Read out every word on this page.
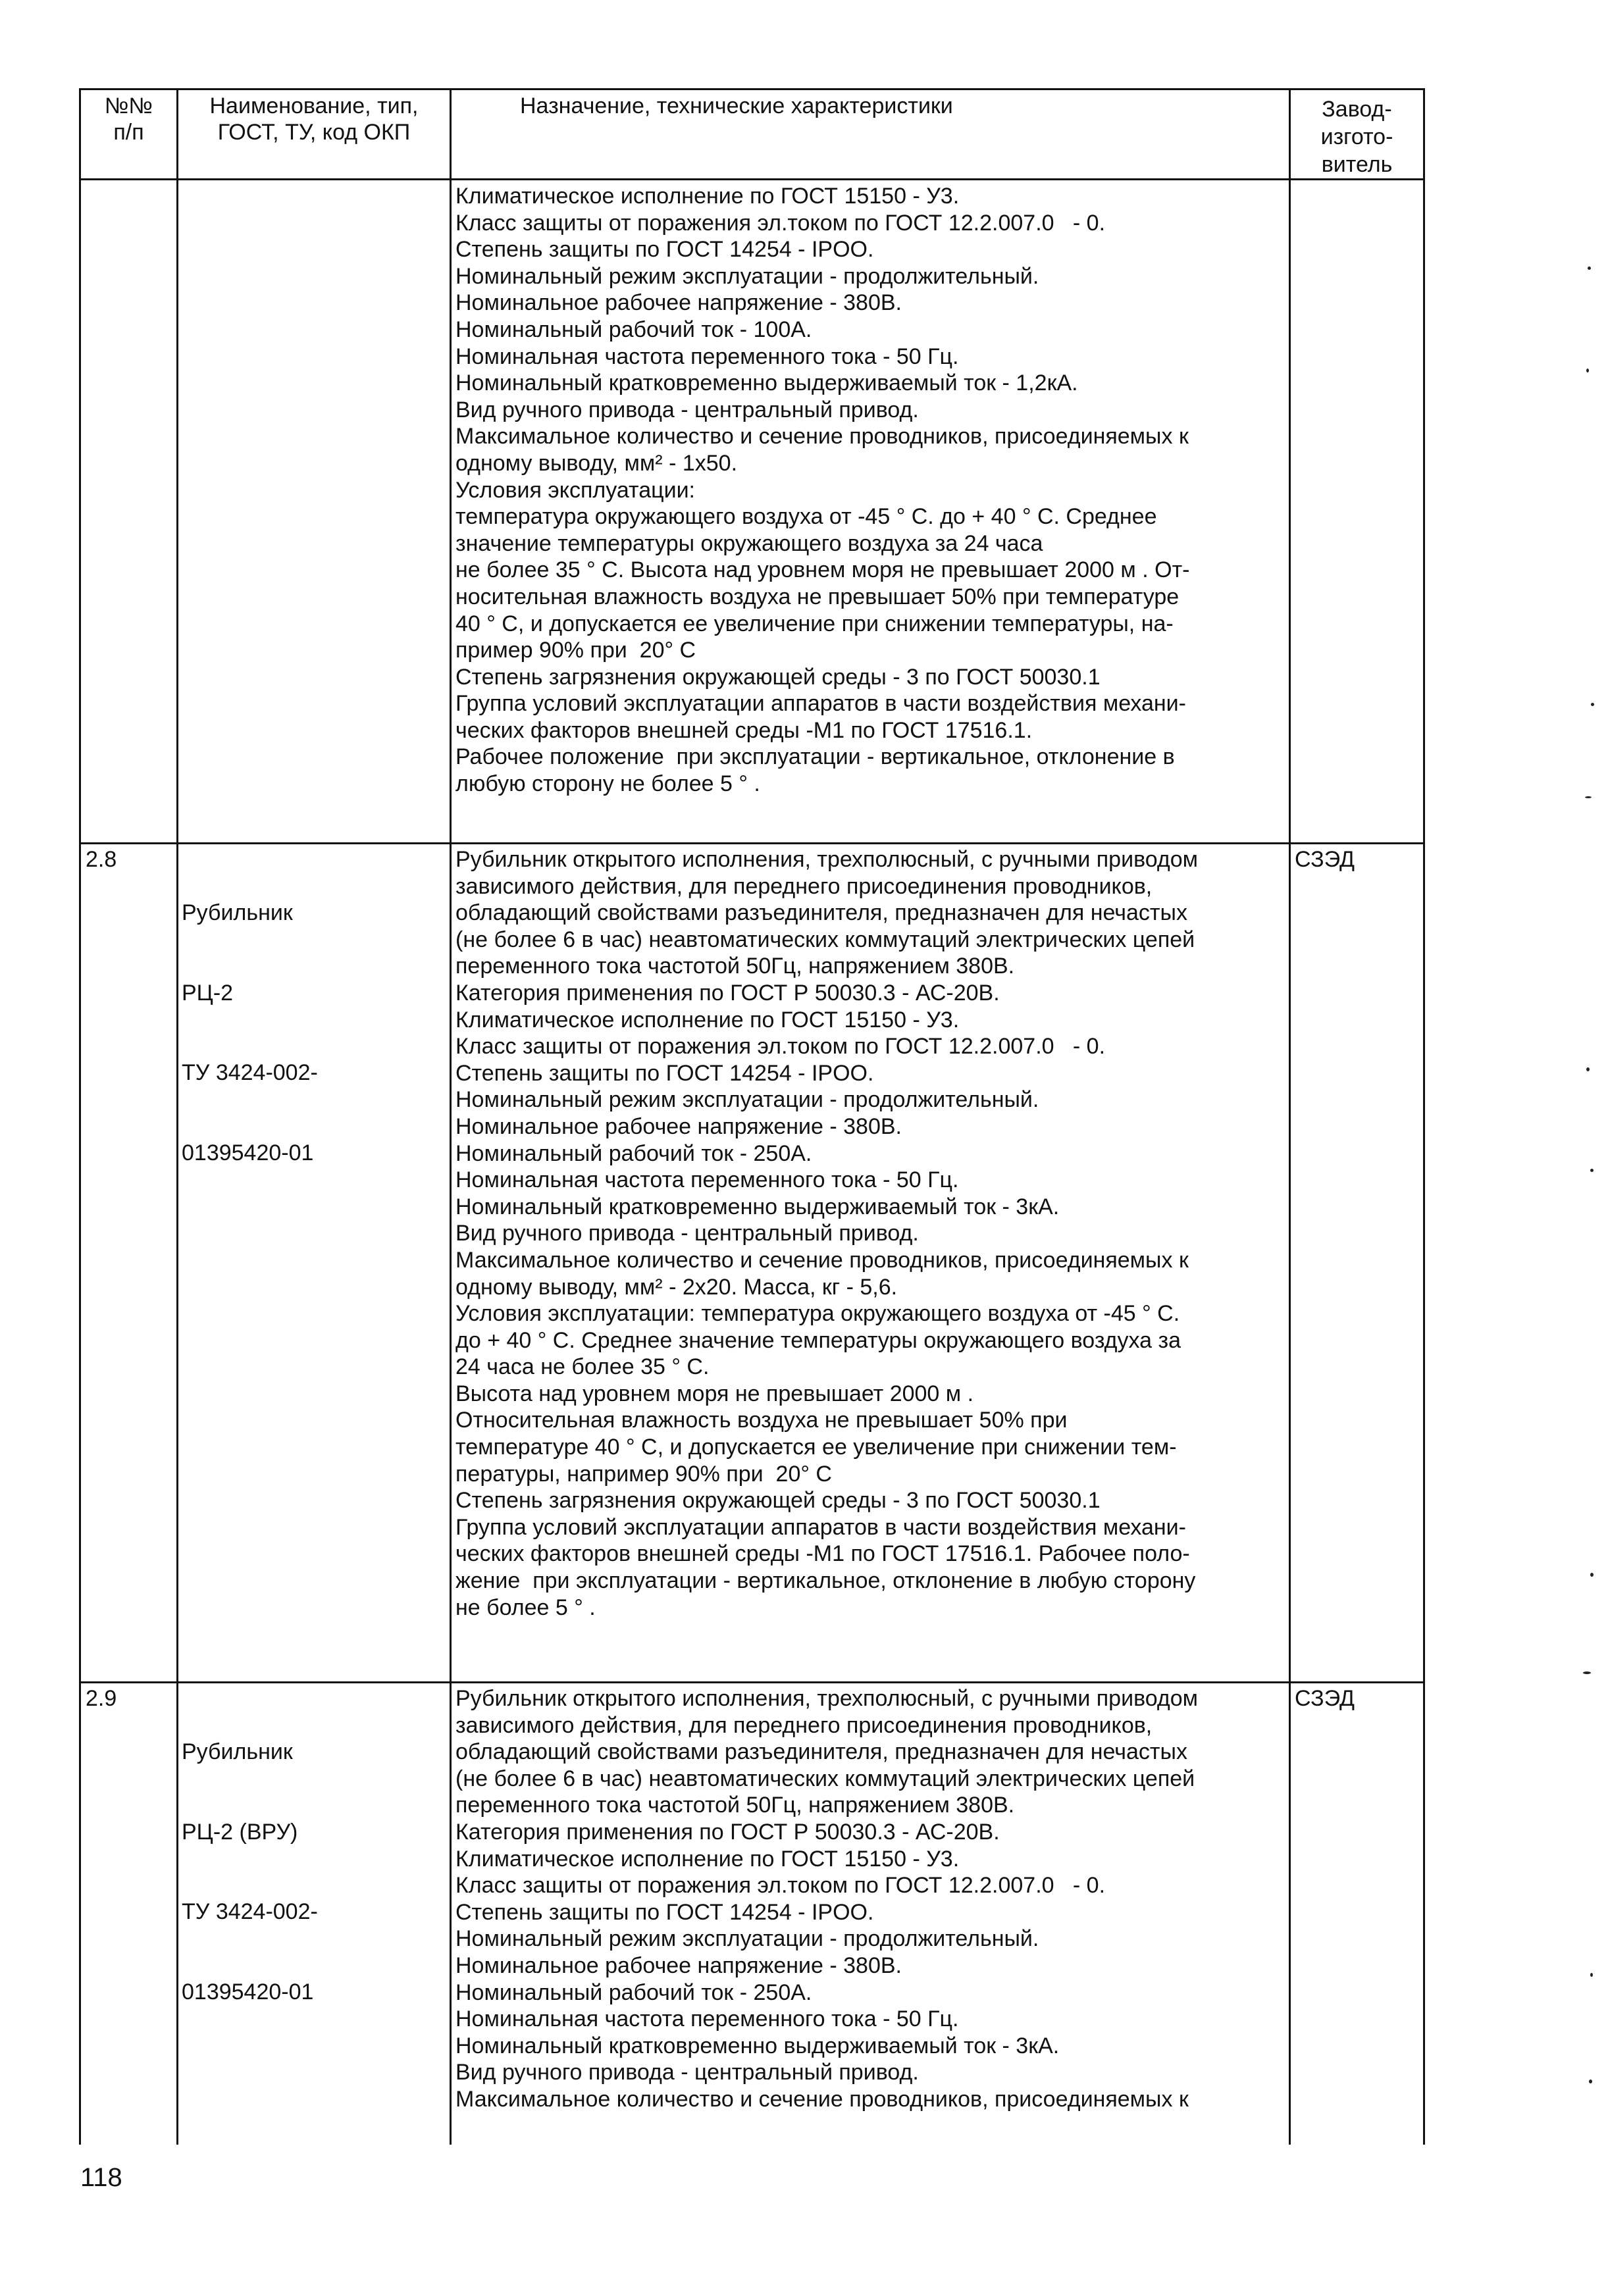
№№
п/п
Наименование, тип,
ГОСТ, ТУ, код ОКП
Назначение, технические характеристики	Завод-
изгото-
витель
Климатическое исполнение по ГОСТ 15150 - У3.
Класс защиты от поражения эл.током по ГОСТ 12.2.007.0   - 0.
Степень защиты по ГОСТ 14254 - IPOO.
Номинальный режим эксплуатации - продолжительный.
Номинальное рабочее напряжение - 380В.
Номинальный рабочий ток - 100А.
Номинальная частота переменного тока - 50 Гц.
Номинальный кратковременно выдерживаемый ток - 1,2кА.
Вид ручного привода - центральный привод.
Максимальное количество и сечение проводников, присоединяемых к
одному выводу, мм² - 1х50.
Условия эксплуатации:
температура окружающего воздуха от -45 ° С. до + 40 ° С. Среднее
значение температуры окружающего воздуха за 24 часа
не более 35 ° С. Высота над уровнем моря не превышает 2000 м . От-
носительная влажность воздуха не превышает 50% при температуре
40 ° С, и допускается ее увеличение при снижении температуры, на-
пример 90% при  20° С
Степень загрязнения окружающей среды - 3 по ГОСТ 50030.1
Группа условий эксплуатации аппаратов в части воздействия механи-
ческих факторов внешней среды -М1 по ГОСТ 17516.1.
Рабочее положение  при эксплуатации - вертикальное, отклонение в
любую сторону не более 5 ° .
2.8

Рубильник

РЦ-2

ТУ 3424-002-

01395420-01

Рубильник открытого исполнения, трехполюсный, с ручными приводом
зависимого действия, для переднего присоединения проводников,
обладающий свойствами разъединителя, предназначен для нечастых
(не более 6 в час) неавтоматических коммутаций электрических цепей
переменного тока частотой 50Гц, напряжением 380В.
Категория применения по ГОСТ Р 50030.3 - АС-20В.
Климатическое исполнение по ГОСТ 15150 - У3.
Класс защиты от поражения эл.током по ГОСТ 12.2.007.0   - 0.
Степень защиты по ГОСТ 14254 - IPOO.
Номинальный режим эксплуатации - продолжительный.
Номинальное рабочее напряжение - 380В.
Номинальный рабочий ток - 250А.
Номинальная частота переменного тока - 50 Гц.
Номинальный кратковременно выдерживаемый ток - 3кА.
Вид ручного привода - центральный привод.
Максимальное количество и сечение проводников, присоединяемых к
одному выводу, мм² - 2х20. Масса, кг - 5,6.
Условия эксплуатации: температура окружающего воздуха от -45 ° С.
до + 40 ° С. Среднее значение температуры окружающего воздуха за
24 часа не более 35 ° С.
Высота над уровнем моря не превышает 2000 м .
Относительная влажность воздуха не превышает 50% при
температуре 40 ° С, и допускается ее увеличение при снижении тем-
пературы, например 90% при  20° С
Степень загрязнения окружающей среды - 3 по ГОСТ 50030.1
Группа условий эксплуатации аппаратов в части воздействия механи-
ческих факторов внешней среды -М1 по ГОСТ 17516.1. Рабочее поло-
жение  при эксплуатации - вертикальное, отклонение в любую сторону
не более 5 ° .
СЗЭД
2.9

Рубильник

РЦ-2 (ВРУ)

ТУ 3424-002-

01395420-01

Рубильник открытого исполнения, трехполюсный, с ручными приводом
зависимого действия, для переднего присоединения проводников,
обладающий свойствами разъединителя, предназначен для нечастых
(не более 6 в час) неавтоматических коммутаций электрических цепей
переменного тока частотой 50Гц, напряжением 380В.
Категория применения по ГОСТ Р 50030.3 - АС-20В.
Климатическое исполнение по ГОСТ 15150 - У3.
Класс защиты от поражения эл.током по ГОСТ 12.2.007.0   - 0.
Степень защиты по ГОСТ 14254 - IPOO.
Номинальный режим эксплуатации - продолжительный.
Номинальное рабочее напряжение - 380В.
Номинальный рабочий ток - 250А.
Номинальная частота переменного тока - 50 Гц.
Номинальный кратковременно выдерживаемый ток - 3кА.
Вид ручного привода - центральный привод.
Максимальное количество и сечение проводников, присоединяемых к
СЗЭД
118
